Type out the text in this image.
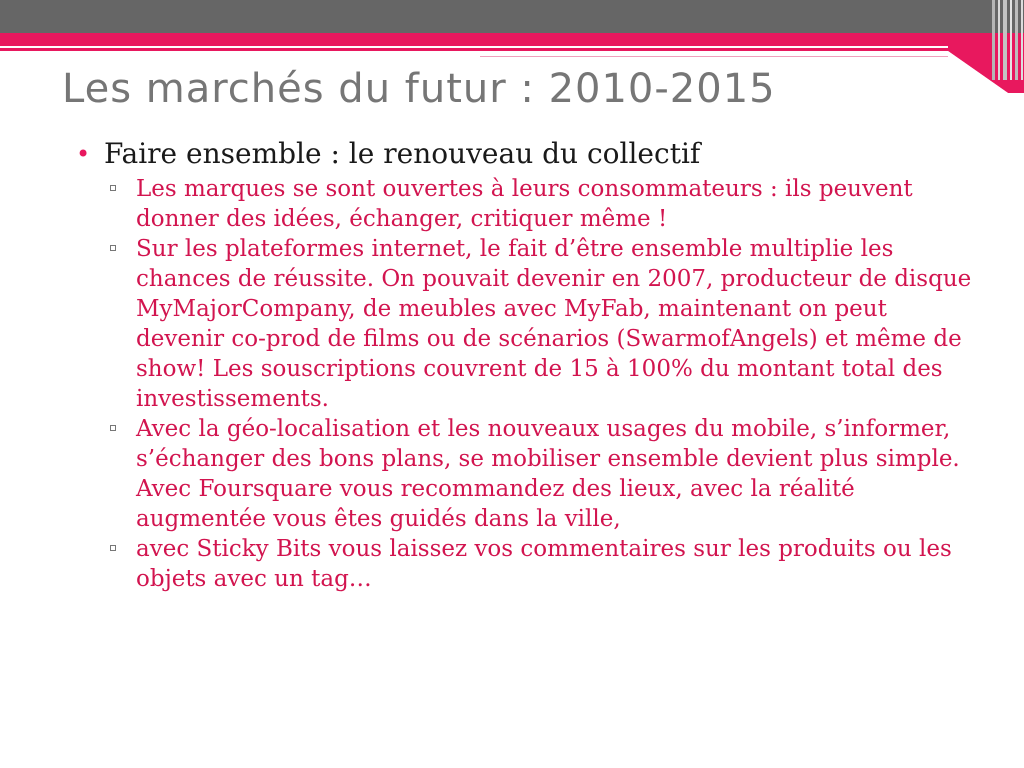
Les marchés du futur : 2010-2015
• Faire ensemble : le renouveau du collectif
Les marques se sont ouvertes à leurs consommateurs : ils peuvent donner des idées, échanger, critiquer même !
Sur les plateformes internet, le fait d’être ensemble multiplie les chances de réussite. On pouvait devenir en 2007, producteur de disque MyMajorCompany, de meubles avec MyFab, maintenant on peut devenir co-prod de films ou de scénarios (SwarmofAngels) et même de show! Les souscriptions couvrent de 15 à 100% du montant total des investissements.
Avec la géo-localisation et les nouveaux usages du mobile, s’informer, s’échanger des bons plans, se mobiliser ensemble devient plus simple. Avec Foursquare vous recommandez des lieux, avec la réalité augmentée vous êtes guidés dans la ville,
avec Sticky Bits vous laissez vos commentaires sur les produits ou les objets avec un tag…
